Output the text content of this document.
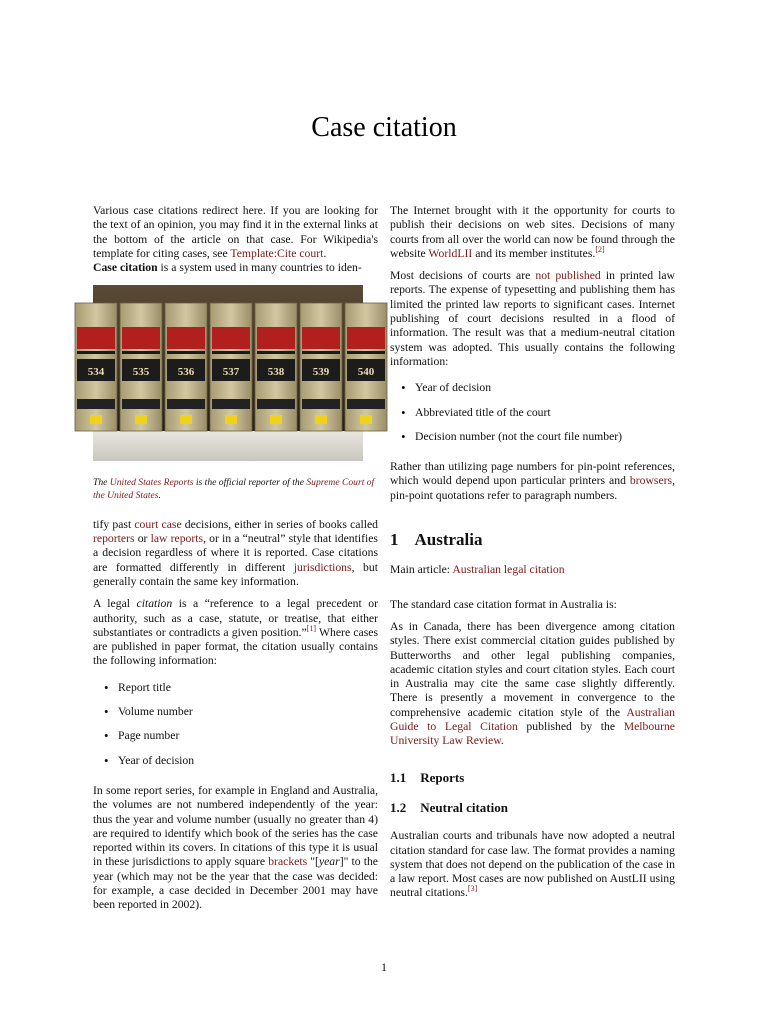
Case citation

Various case citations redirect here. If you are looking for the text of an opinion, you may find it in the external links at the bottom of the article on that case. For Wikipedia's template for citing cases, see Template:Cite court.
Case citation is a system used in many countries to iden-

534	535	536	537	538	539	540

The United States Reports is the official reporter of the Supreme Court of the United States.

tify past court case decisions, either in series of books called reporters or law reports, or in a “neutral” style that identifies a decision regardless of where it is reported. Case citations are formatted differently in different jurisdictions, but generally contain the same key information.

A legal citation is a “reference to a legal precedent or authority, such as a case, statute, or treatise, that either substantiates or contradicts a given position.”[1] Where cases are published in paper format, the citation usually contains the following information:

• Report title
• Volume number
• Page number
• Year of decision

In some report series, for example in England and Australia, the volumes are not numbered independently of the year: thus the year and volume number (usually no greater than 4) are required to identify which book of the series has the case reported within its covers. In citations of this type it is usual in these jurisdictions to apply square brackets "[year]" to the year (which may not be the year that the case was decided: for example, a case decided in December 2001 may have been reported in 2002).

The Internet brought with it the opportunity for courts to publish their decisions on web sites. Decisions of many courts from all over the world can now be found through the website WorldLII and its member institutes.[2]

Most decisions of courts are not published in printed law reports. The expense of typesetting and publishing them has limited the printed law reports to significant cases. Internet publishing of court decisions resulted in a flood of information. The result was that a medium-neutral citation system was adopted. This usually contains the following information:

• Year of decision
• Abbreviated title of the court
• Decision number (not the court file number)

Rather than utilizing page numbers for pin-point references, which would depend upon particular printers and browsers, pin-point quotations refer to paragraph numbers.

1 Australia

Main article: Australian legal citation

The standard case citation format in Australia is:

As in Canada, there has been divergence among citation styles. There exist commercial citation guides published by Butterworths and other legal publishing companies, academic citation styles and court citation styles. Each court in Australia may cite the same case slightly differently. There is presently a movement in convergence to the comprehensive academic citation style of the Australian Guide to Legal Citation published by the Melbourne University Law Review.

1.1 Reports
1.2 Neutral citation

Australian courts and tribunals have now adopted a neutral citation standard for case law. The format provides a naming system that does not depend on the publication of the case in a law report. Most cases are now published on AustLII using neutral citations.[3]

1
